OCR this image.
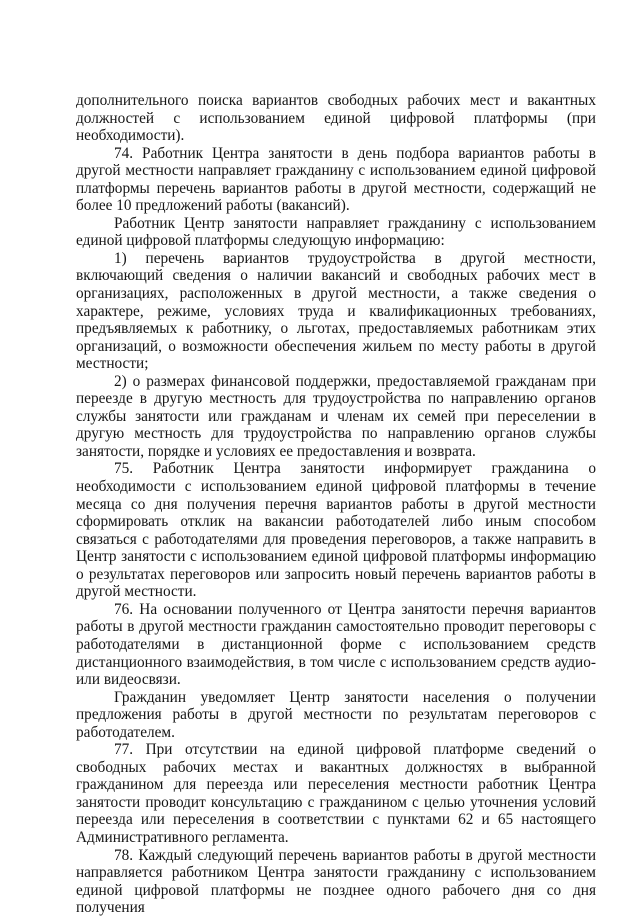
дополнительного поиска вариантов свободных рабочих мест и вакантных должностей с использованием единой цифровой платформы (при необходимости).

74. Работник Центра занятости в день подбора вариантов работы в другой местности направляет гражданину с использованием единой цифровой платформы перечень вариантов работы в другой местности, содержащий не более 10 предложений работы (вакансий).

Работник Центр занятости направляет гражданину с использованием единой цифровой платформы следующую информацию:

1) перечень вариантов трудоустройства в другой местности, включающий сведения о наличии вакансий и свободных рабочих мест в организациях, расположенных в другой местности, а также сведения о характере, режиме, условиях труда и квалификационных требованиях, предъявляемых к работнику, о льготах, предоставляемых работникам этих организаций, о возможности обеспечения жильем по месту работы в другой местности;

2) о размерах финансовой поддержки, предоставляемой гражданам при переезде в другую местность для трудоустройства по направлению органов службы занятости или гражданам и членам их семей при переселении в другую местность для трудоустройства по направлению органов службы занятости, порядке и условиях ее предоставления и возврата.

75. Работник Центра занятости информирует гражданина о необходимости с использованием единой цифровой платформы в течение месяца со дня получения перечня вариантов работы в другой местности сформировать отклик на вакансии работодателей либо иным способом связаться с работодателями для проведения переговоров, а также направить в Центр занятости с использованием единой цифровой платформы информацию о результатах переговоров или запросить новый перечень вариантов работы в другой местности.

76. На основании полученного от Центра занятости перечня вариантов работы в другой местности гражданин самостоятельно проводит переговоры с работодателями в дистанционной форме с использованием средств дистанционного взаимодействия, в том числе с использованием средств аудио- или видеосвязи.

Гражданин уведомляет Центр занятости населения о получении предложения работы в другой местности по результатам переговоров с работодателем.

77. При отсутствии на единой цифровой платформе сведений о свободных рабочих местах и вакантных должностях в выбранной гражданином для переезда или переселения местности работник Центра занятости проводит консультацию с гражданином с целью уточнения условий переезда или переселения в соответствии с пунктами 62 и 65 настоящего Административного регламента.

78. Каждый следующий перечень вариантов работы в другой местности направляется работником Центра занятости гражданину с использованием единой цифровой платформы не позднее одного рабочего дня со дня получения
